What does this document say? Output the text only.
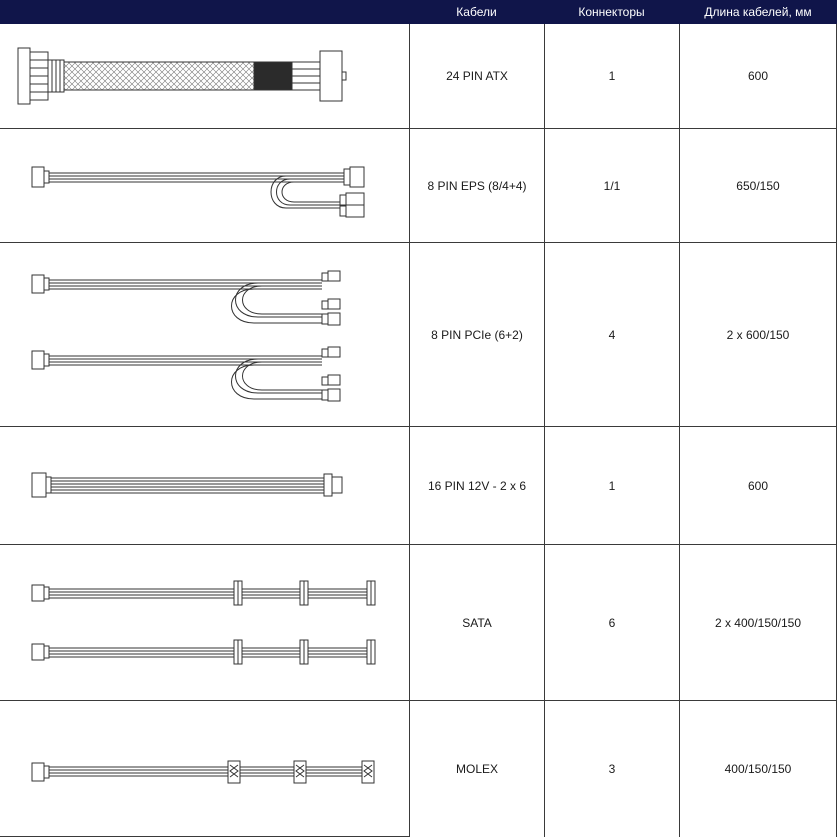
Кабели	Коннекторы	Длина кабелей, мм
24 PIN ATX	1	600
8 PIN EPS (8/4+4)	1/1	650/150
8 PIN PCIe (6+2)	4	2 x 600/150
16 PIN 12V - 2 x 6	1	600
SATA	6	2 x 400/150/150
MOLEX	3	400/150/150
